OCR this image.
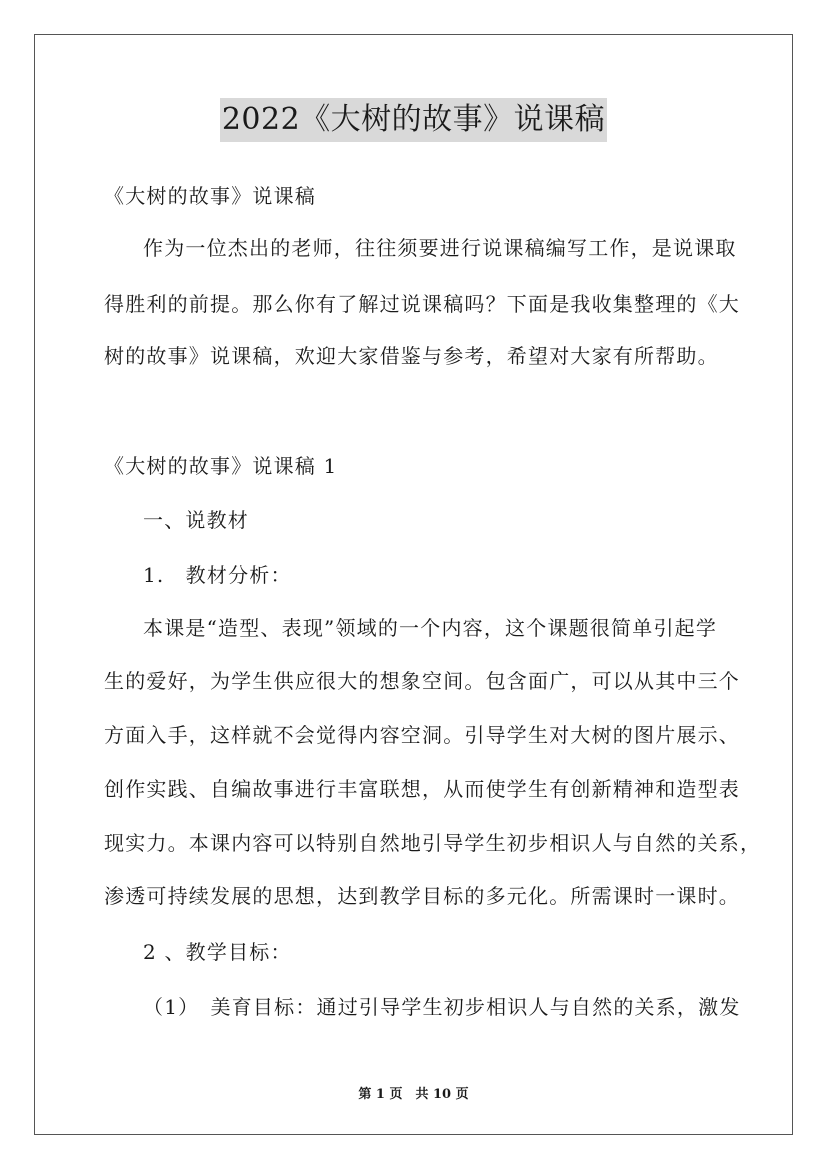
2022《大树的故事》说课稿
《大树的故事》说课稿
作为一位杰出的老师，往往须要进行说课稿编写工作，是说课取
得胜利的前提。那么你有了解过说课稿吗？下面是我收集整理的《大
树的故事》说课稿，欢迎大家借鉴与参考，希望对大家有所帮助。
《大树的故事》说课稿 1
一、说教材
1.　教材分析：
本课是“造型、表现”领域的一个内容，这个课题很简单引起学
生的爱好，为学生供应很大的想象空间。包含面广，可以从其中三个
方面入手，这样就不会觉得内容空洞。引导学生对大树的图片展示、
创作实践、自编故事进行丰富联想，从而使学生有创新精神和造型表
现实力。本课内容可以特别自然地引导学生初步相识人与自然的关系，
渗透可持续发展的思想，达到教学目标的多元化。所需课时一课时。
2 、教学目标：
（1）　美育目标：通过引导学生初步相识人与自然的关系，激发
第 1 页　共 10 页
